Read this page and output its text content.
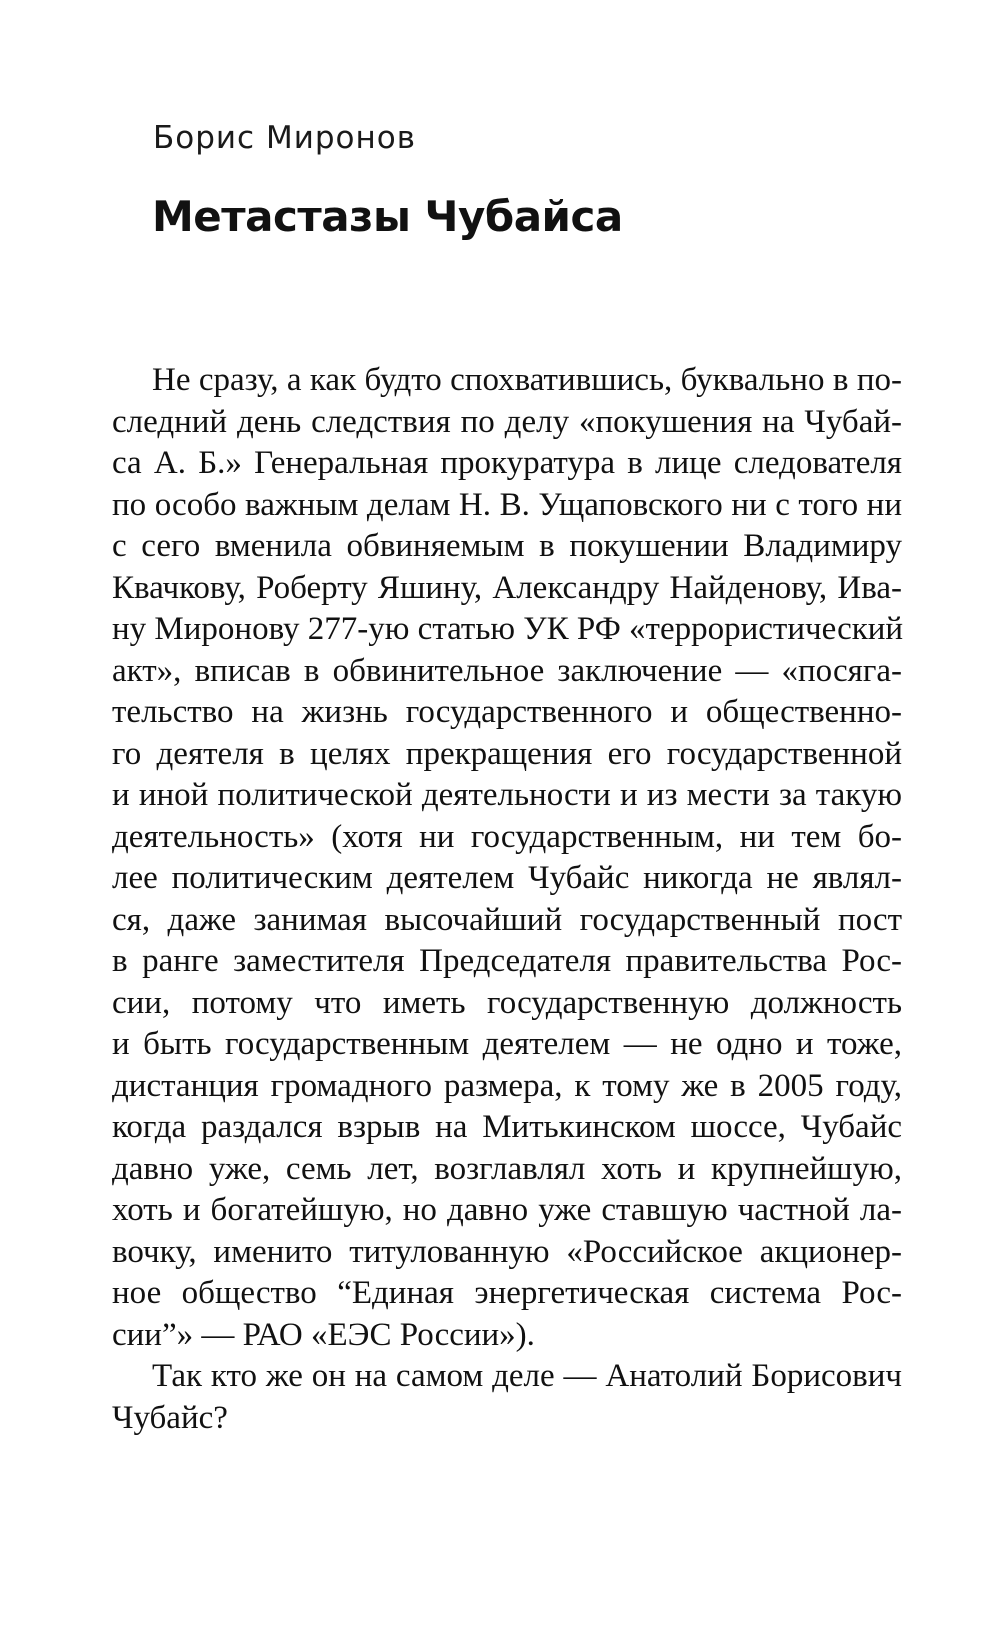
Борис Миронов
Метастазы Чубайса
Не сразу, а как будто спохватившись, буквально в по-
следний день следствия по делу «покушения на Чубай-
са А. Б.» Генеральная прокуратура в лице следователя
по особо важным делам Н. В. Ущаповского ни с того ни
с сего вменила обвиняемым в покушении Владимиру
Квачкову, Роберту Яшину, Александру Найденову, Ива-
ну Миронову 277-ую статью УК РФ «террористический
акт», вписав в обвинительное заключение — «посяга-
тельство на жизнь государственного и общественно-
го деятеля в целях прекращения его государственной
и иной политической деятельности и из мести за такую
деятельность» (хотя ни государственным, ни тем бо-
лее политическим деятелем Чубайс никогда не являл-
ся, даже занимая высочайший государственный пост
в ранге заместителя Председателя правительства Рос-
сии, потому что иметь государственную должность
и быть государственным деятелем — не одно и тоже,
дистанция громадного размера, к тому же в 2005 году,
когда раздался взрыв на Митькинском шоссе, Чубайс
давно уже, семь лет, возглавлял хоть и крупнейшую,
хоть и богатейшую, но давно уже ставшую частной ла-
вочку, именито титулованную «Российское акционер-
ное общество “Единая энергетическая система Рос-
сии”» — РАО «ЕЭС России»).
Так кто же он на самом деле — Анатолий Борисович
Чубайс?
